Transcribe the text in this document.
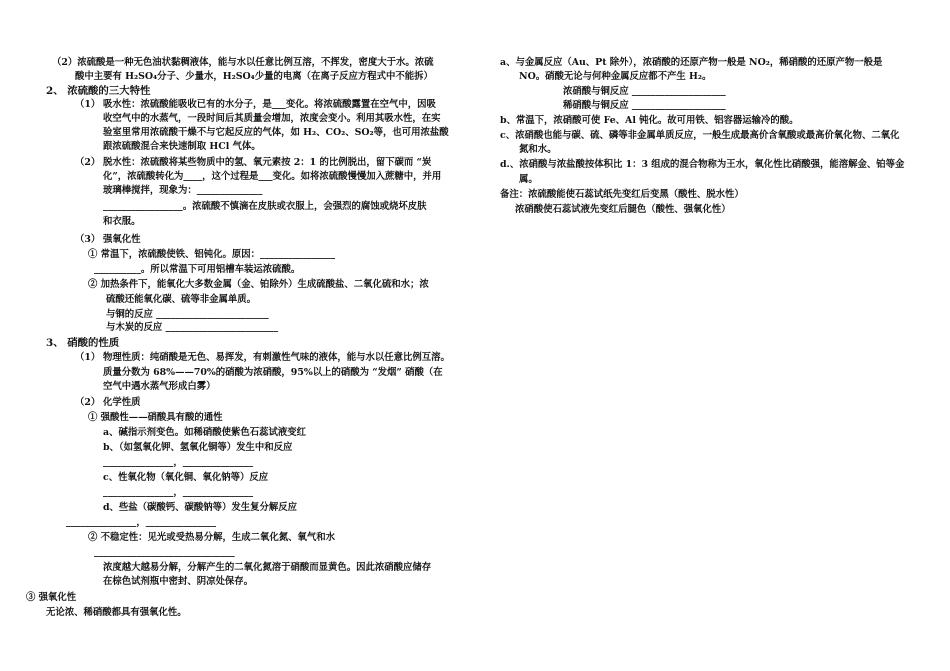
（2）浓硫酸是一种无色油状黏稠液体，能与水以任意比例互溶，不挥发，密度大于水。浓硫
酸中主要有 H₂SO₄分子、少量水，H₂SO₄少量的电离（在离子反应方程式中不能拆）
2、 浓硫酸的三大特性
（1） 吸水性：浓硫酸能吸收已有的水分子，是___变化。将浓硫酸露置在空气中，因吸
收空气中的水蒸气，一段时间后其质量会增加，浓度会变小。利用其吸水性，在实
验室里常用浓硫酸干燥不与它起反应的气体，如 H₂、CO₂、SO₂等，也可用浓盐酸
跟浓硫酸混合来快速制取 HCl 气体。
（2） 脱水性：浓硫酸将某些物质中的氢、氧元素按 2：1 的比例脱出，留下碳而 “炭
化”，浓硫酸转化为____，这个过程是___变化。如将浓硫酸慢慢加入蔗糖中，并用
玻璃棒搅拌，现象为：______________
_________________。浓硫酸不慎滴在皮肤或衣服上，会强烈的腐蚀或烧坏皮肤
和衣服。
（3） 强氧化性
① 常温下，浓硫酸使铁、铝钝化。原因：________________
__________。所以常温下可用铝槽车装运浓硫酸。
② 加热条件下，能氧化大多数金属（金、铂除外）生成硫酸盐、二氧化硫和水；浓
硫酸还能氧化碳、硫等非金属单质。
与铜的反应 ________________________
与木炭的反应 ________________________
3、 硝酸的性质
（1） 物理性质：纯硝酸是无色、易挥发，有刺激性气味的液体，能与水以任意比例互溶。
质量分数为 68%——70%的硝酸为浓硝酸，95%以上的硝酸为 “发烟” 硝酸（在
空气中遇水蒸气形成白雾）
（2） 化学性质
① 强酸性——硝酸具有酸的通性
a、碱指示剂变色。如稀硝酸使紫色石蕊试液变红
b、（如氢氧化钾、氢氧化铜等）发生中和反应
_______________，_______________
c、性氧化物（氧化铜、氧化钠等）反应
_______________，_______________
d、些盐（碳酸钙、碳酸钠等）发生复分解反应
_______________，_______________
② 不稳定性：见光或受热易分解，生成二氧化氮、氧气和水
______________________________
浓度越大越易分解，分解产生的二氧化氮溶于硝酸而显黄色。因此浓硝酸应储存
在棕色试剂瓶中密封、阴凉处保存。
③ 强氧化性
无论浓、稀硝酸都具有强氧化性。
a、与金属反应（Au、Pt 除外），浓硝酸的还原产物一般是 NO₂，稀硝酸的还原产物一般是
NO。硝酸无论与何种金属反应都不产生 H₂。
浓硝酸与铜反应 ____________________
稀硝酸与铜反应 ____________________
b、常温下，浓硝酸可使 Fe、Al 钝化。故可用铁、铝容器运输冷的酸。
c、浓硝酸也能与碳、硫、磷等非金属单质反应，一般生成最高价含氧酸或最高价氧化物、二氧化
氮和水。
d.、浓硝酸与浓盐酸按体积比 1：3 组成的混合物称为王水，氧化性比硝酸强，能溶解金、铂等金
属。
备注：浓硫酸能使石蕊试纸先变红后变黑（酸性、脱水性）
浓硝酸使石蕊试液先变红后腿色（酸性、强氧化性）
